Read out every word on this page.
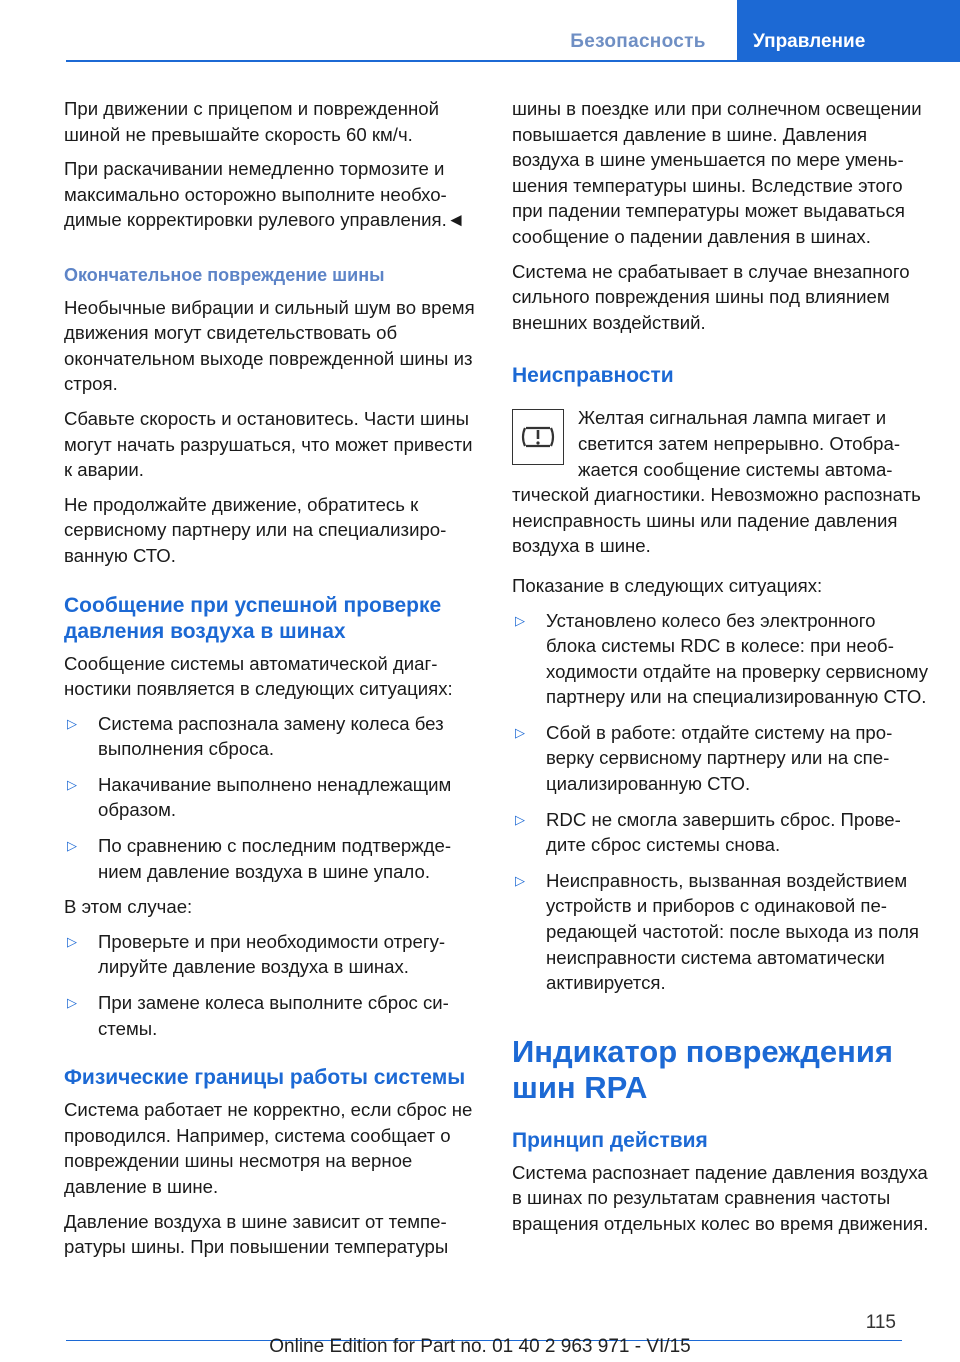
Безопасность	Управление

При движении с прицепом и поврежденной шиной не превышайте скорость 60 км/ч.

При раскачивании немедленно тормозите и максимально осторожно выполните необходимые корректировки рулевого управления.◄

Окончательное повреждение шины

Необычные вибрации и сильный шум во время движения могут свидетельствовать об окончательном выходе поврежденной шины из строя.

Сбавьте скорость и остановитесь. Части шины могут начать разрушаться, что может привести к аварии.

Не продолжайте движение, обратитесь к сервисному партнеру или на специализированную СТО.

Сообщение при успешной проверке давления воздуха в шинах

Сообщение системы автоматической диагностики появляется в следующих ситуациях:

▷ Система распознала замену колеса без выполнения сброса.
▷ Накачивание выполнено ненадлежащим образом.
▷ По сравнению с последним подтверждением давление воздуха в шине упало.

В этом случае:

▷ Проверьте и при необходимости отрегулируйте давление воздуха в шинах.
▷ При замене колеса выполните сброс системы.
Физические границы работы системы

Система работает не корректно, если сброс не проводился. Например, система сообщает о повреждении шины несмотря на верное давление в шине.

Давление воздуха в шине зависит от температуры шины. При повышении температуры

шины в поездке или при солнечном освещении повышается давление в шине. Давления воздуха в шине уменьшается по мере уменьшения температуры шины. Вследствие этого при падении температуры может выдаваться сообщение о падении давления в шинах.

Система не срабатывает в случае внезапного сильного повреждения шины под влиянием внешних воздействий.

Неисправности

Желтая сигнальная лампа мигает и светится затем непрерывно. Отображается сообщение системы автоматической диагностики. Невозможно распознать неисправность шины или падение давления воздуха в шине.

Показание в следующих ситуациях:

▷ Установлено колесо без электронного блока системы RDC в колесе: при необходимости отдайте на проверку сервисному партнеру или на специализированную СТО.
▷ Сбой в работе: отдайте систему на проверку сервисному партнеру или на специализированную СТО.
▷ RDC не смогла завершить сброс. Проведите сброс системы снова.
▷ Неисправность, вызванная воздействием устройств и приборов с одинаковой передающей частотой: после выхода из поля неисправности система автоматически активируется.
Индикатор повреждения шин RPA
Принцип действия

Система распознает падение давления воздуха в шинах по результатам сравнения частоты вращения отдельных колес во время движения.

115
Online Edition for Part no. 01 40 2 963 971 - VI/15
